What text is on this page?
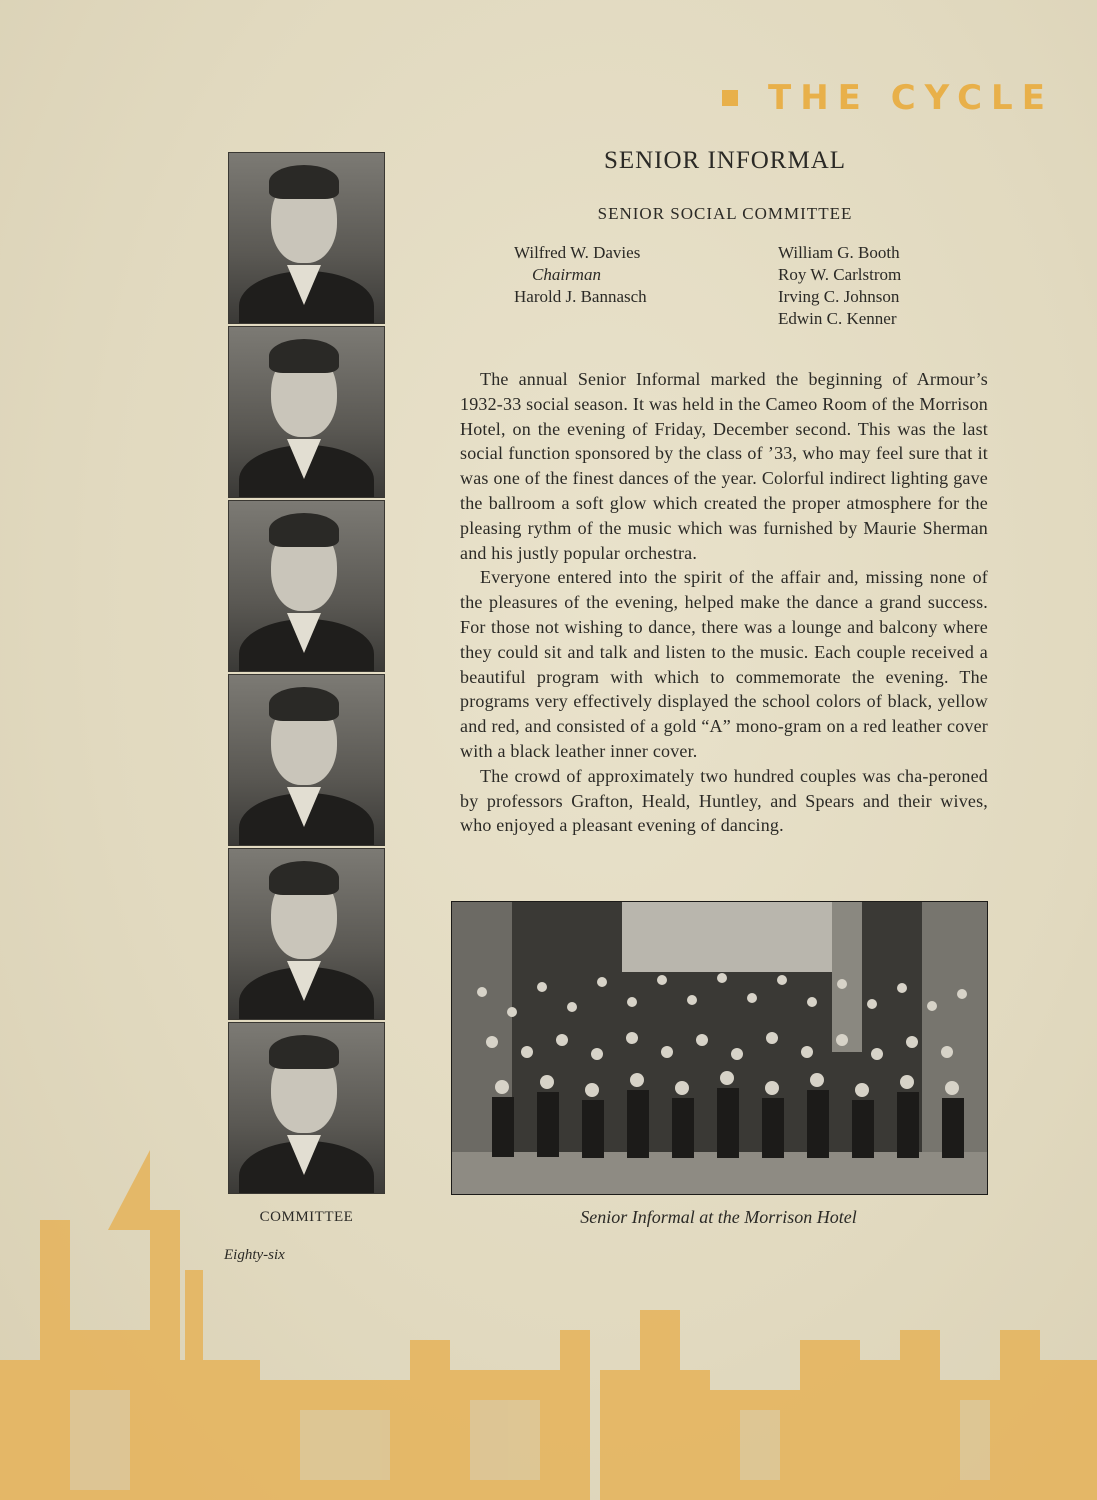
THE CYCLE
SENIOR INFORMAL
SENIOR SOCIAL COMMITTEE
Wilfred W. Davies
Chairman
Harold J. Bannasch
William G. Booth
Roy W. Carlstrom
Irving C. Johnson
Edwin C. Kenner

The annual Senior Informal marked the beginning of Armour’s 1932-33 social season. It was held in the Cameo Room of the Morrison Hotel, on the evening of Friday, December second. This was the last social function sponsored by the class of ’33, who may feel sure that it was one of the finest dances of the year. Colorful indirect lighting gave the ballroom a soft glow which created the proper atmosphere for the pleasing rythm of the music which was furnished by Maurie Sherman and his justly popular orchestra.

Everyone entered into the spirit of the affair and, missing none of the pleasures of the evening, helped make the dance a grand success. For those not wishing to dance, there was a lounge and balcony where they could sit and talk and listen to the music. Each couple received a beautiful program with which to commemorate the evening. The programs very effectively displayed the school colors of black, yellow and red, and consisted of a gold “A” mono-gram on a red leather cover with a black leather inner cover.

The crowd of approximately two hundred couples was cha-peroned by professors Grafton, Heald, Huntley, and Spears and their wives, who enjoyed a pleasant evening of dancing.

COMMITTEE	Senior Informal at the Morrison Hotel
Eighty-six
